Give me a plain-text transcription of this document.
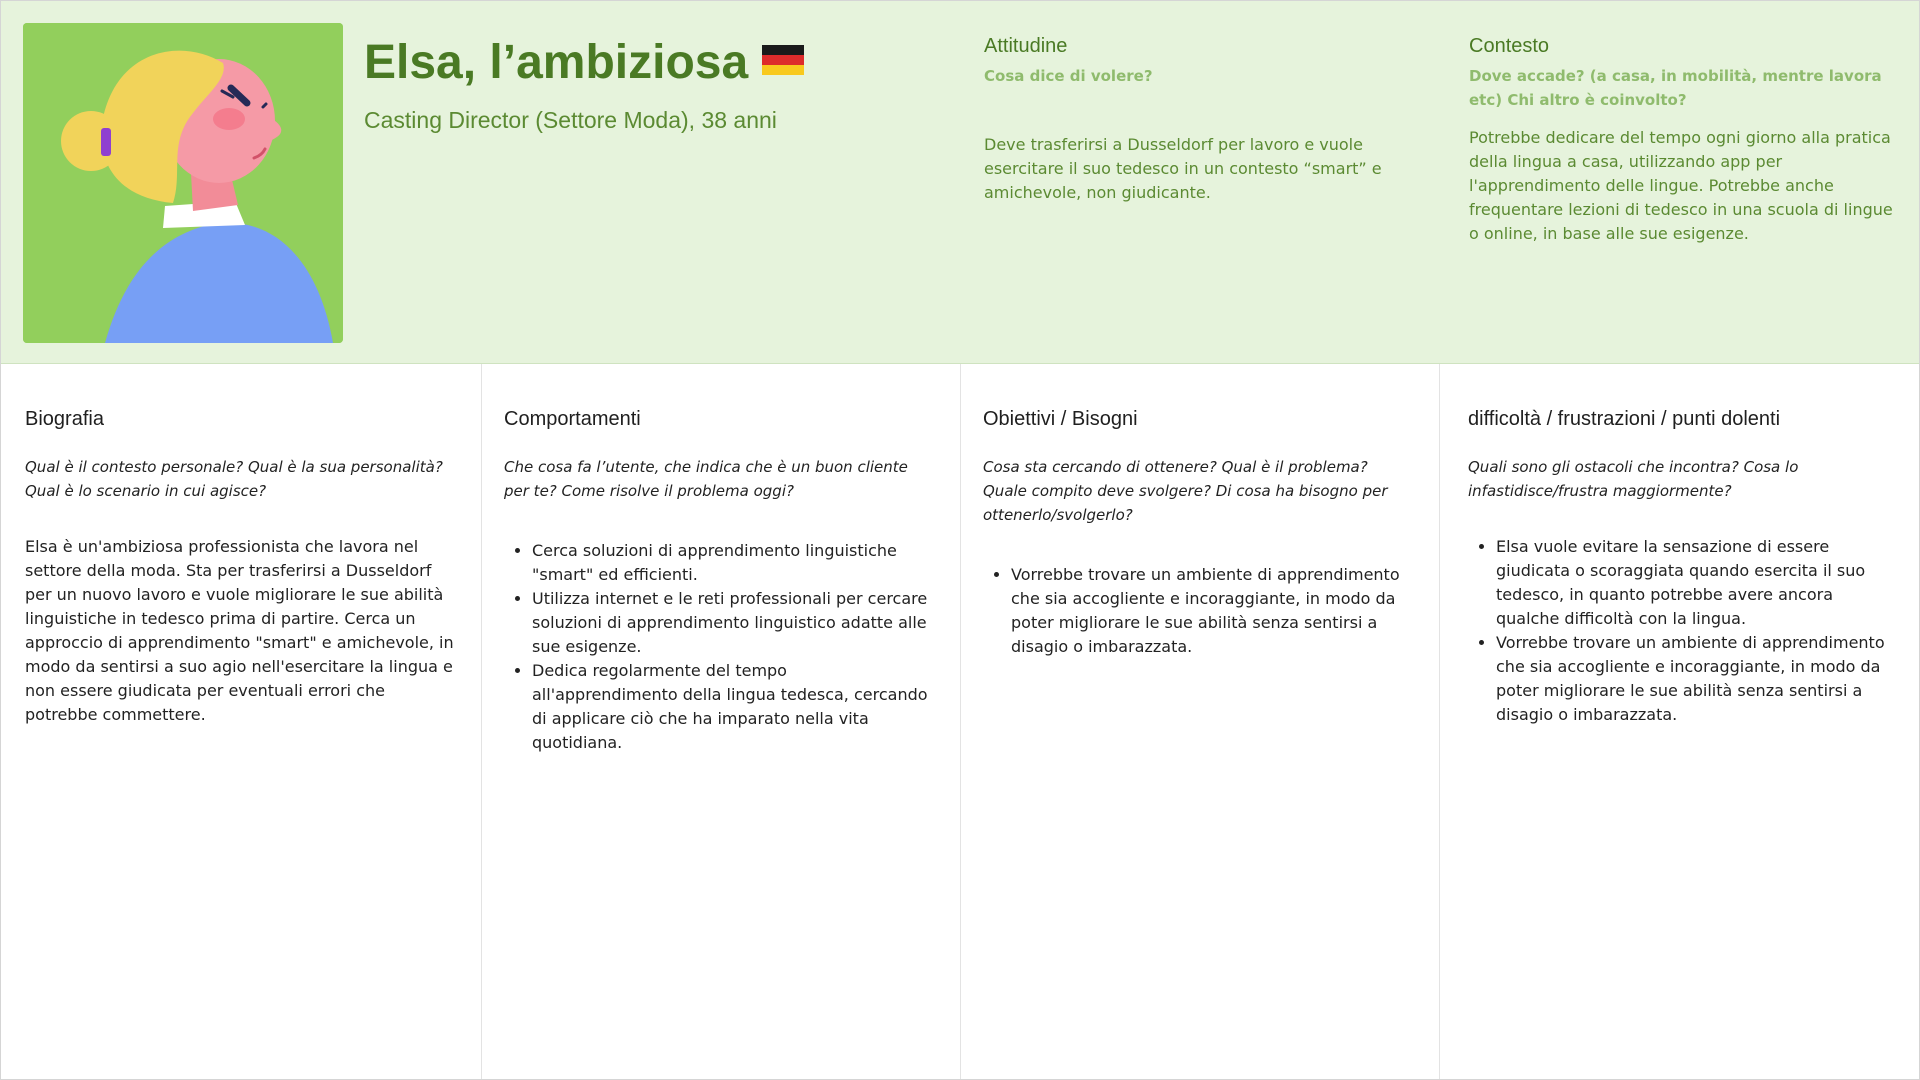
Elsa, l’ambiziosa
Casting Director (Settore Moda), 38 anni
Attitudine
Cosa dice di volere?
Deve trasferirsi a Dusseldorf per lavoro e vuole esercitare il suo tedesco in un contesto “smart” e amichevole, non giudicante.
Contesto
Dove accade? (a casa, in mobilità, mentre lavora etc) Chi altro è coinvolto?
Potrebbe dedicare del tempo ogni giorno alla pratica della lingua a casa, utilizzando app per l'apprendimento delle lingue. Potrebbe anche frequentare lezioni di tedesco in una scuola di lingue o online, in base alle sue esigenze.
Biografia
Qual è il contesto personale? Qual è la sua personalità? Qual è lo scenario in cui agisce?
Elsa è un'ambiziosa professionista che lavora nel settore della moda. Sta per trasferirsi a Dusseldorf per un nuovo lavoro e vuole migliorare le sue abilità linguistiche in tedesco prima di partire. Cerca un approccio di apprendimento "smart" e amichevole, in modo da sentirsi a suo agio nell'esercitare la lingua e non essere giudicata per eventuali errori che potrebbe commettere.
Comportamenti
Che cosa fa l’utente, che indica che è un buon cliente per te? Come risolve il problema oggi?
• Cerca soluzioni di apprendimento linguistiche "smart" ed efficienti.
• Utilizza internet e le reti professionali per cercare soluzioni di apprendimento linguistico adatte alle sue esigenze.
• Dedica regolarmente del tempo all'apprendimento della lingua tedesca, cercando di applicare ciò che ha imparato nella vita quotidiana.
Obiettivi / Bisogni
Cosa sta cercando di ottenere? Qual è il problema? Quale compito deve svolgere? Di cosa ha bisogno per ottenerlo/svolgerlo?
• Vorrebbe trovare un ambiente di apprendimento che sia accogliente e incoraggiante, in modo da poter migliorare le sue abilità senza sentirsi a disagio o imbarazzata.
difficoltà / frustrazioni / punti dolenti
Quali sono gli ostacoli che incontra? Cosa lo infastidisce/frustra maggiormente?
• Elsa vuole evitare la sensazione di essere giudicata o scoraggiata quando esercita il suo tedesco, in quanto potrebbe avere ancora qualche difficoltà con la lingua.
• Vorrebbe trovare un ambiente di apprendimento che sia accogliente e incoraggiante, in modo da poter migliorare le sue abilità senza sentirsi a disagio o imbarazzata.
